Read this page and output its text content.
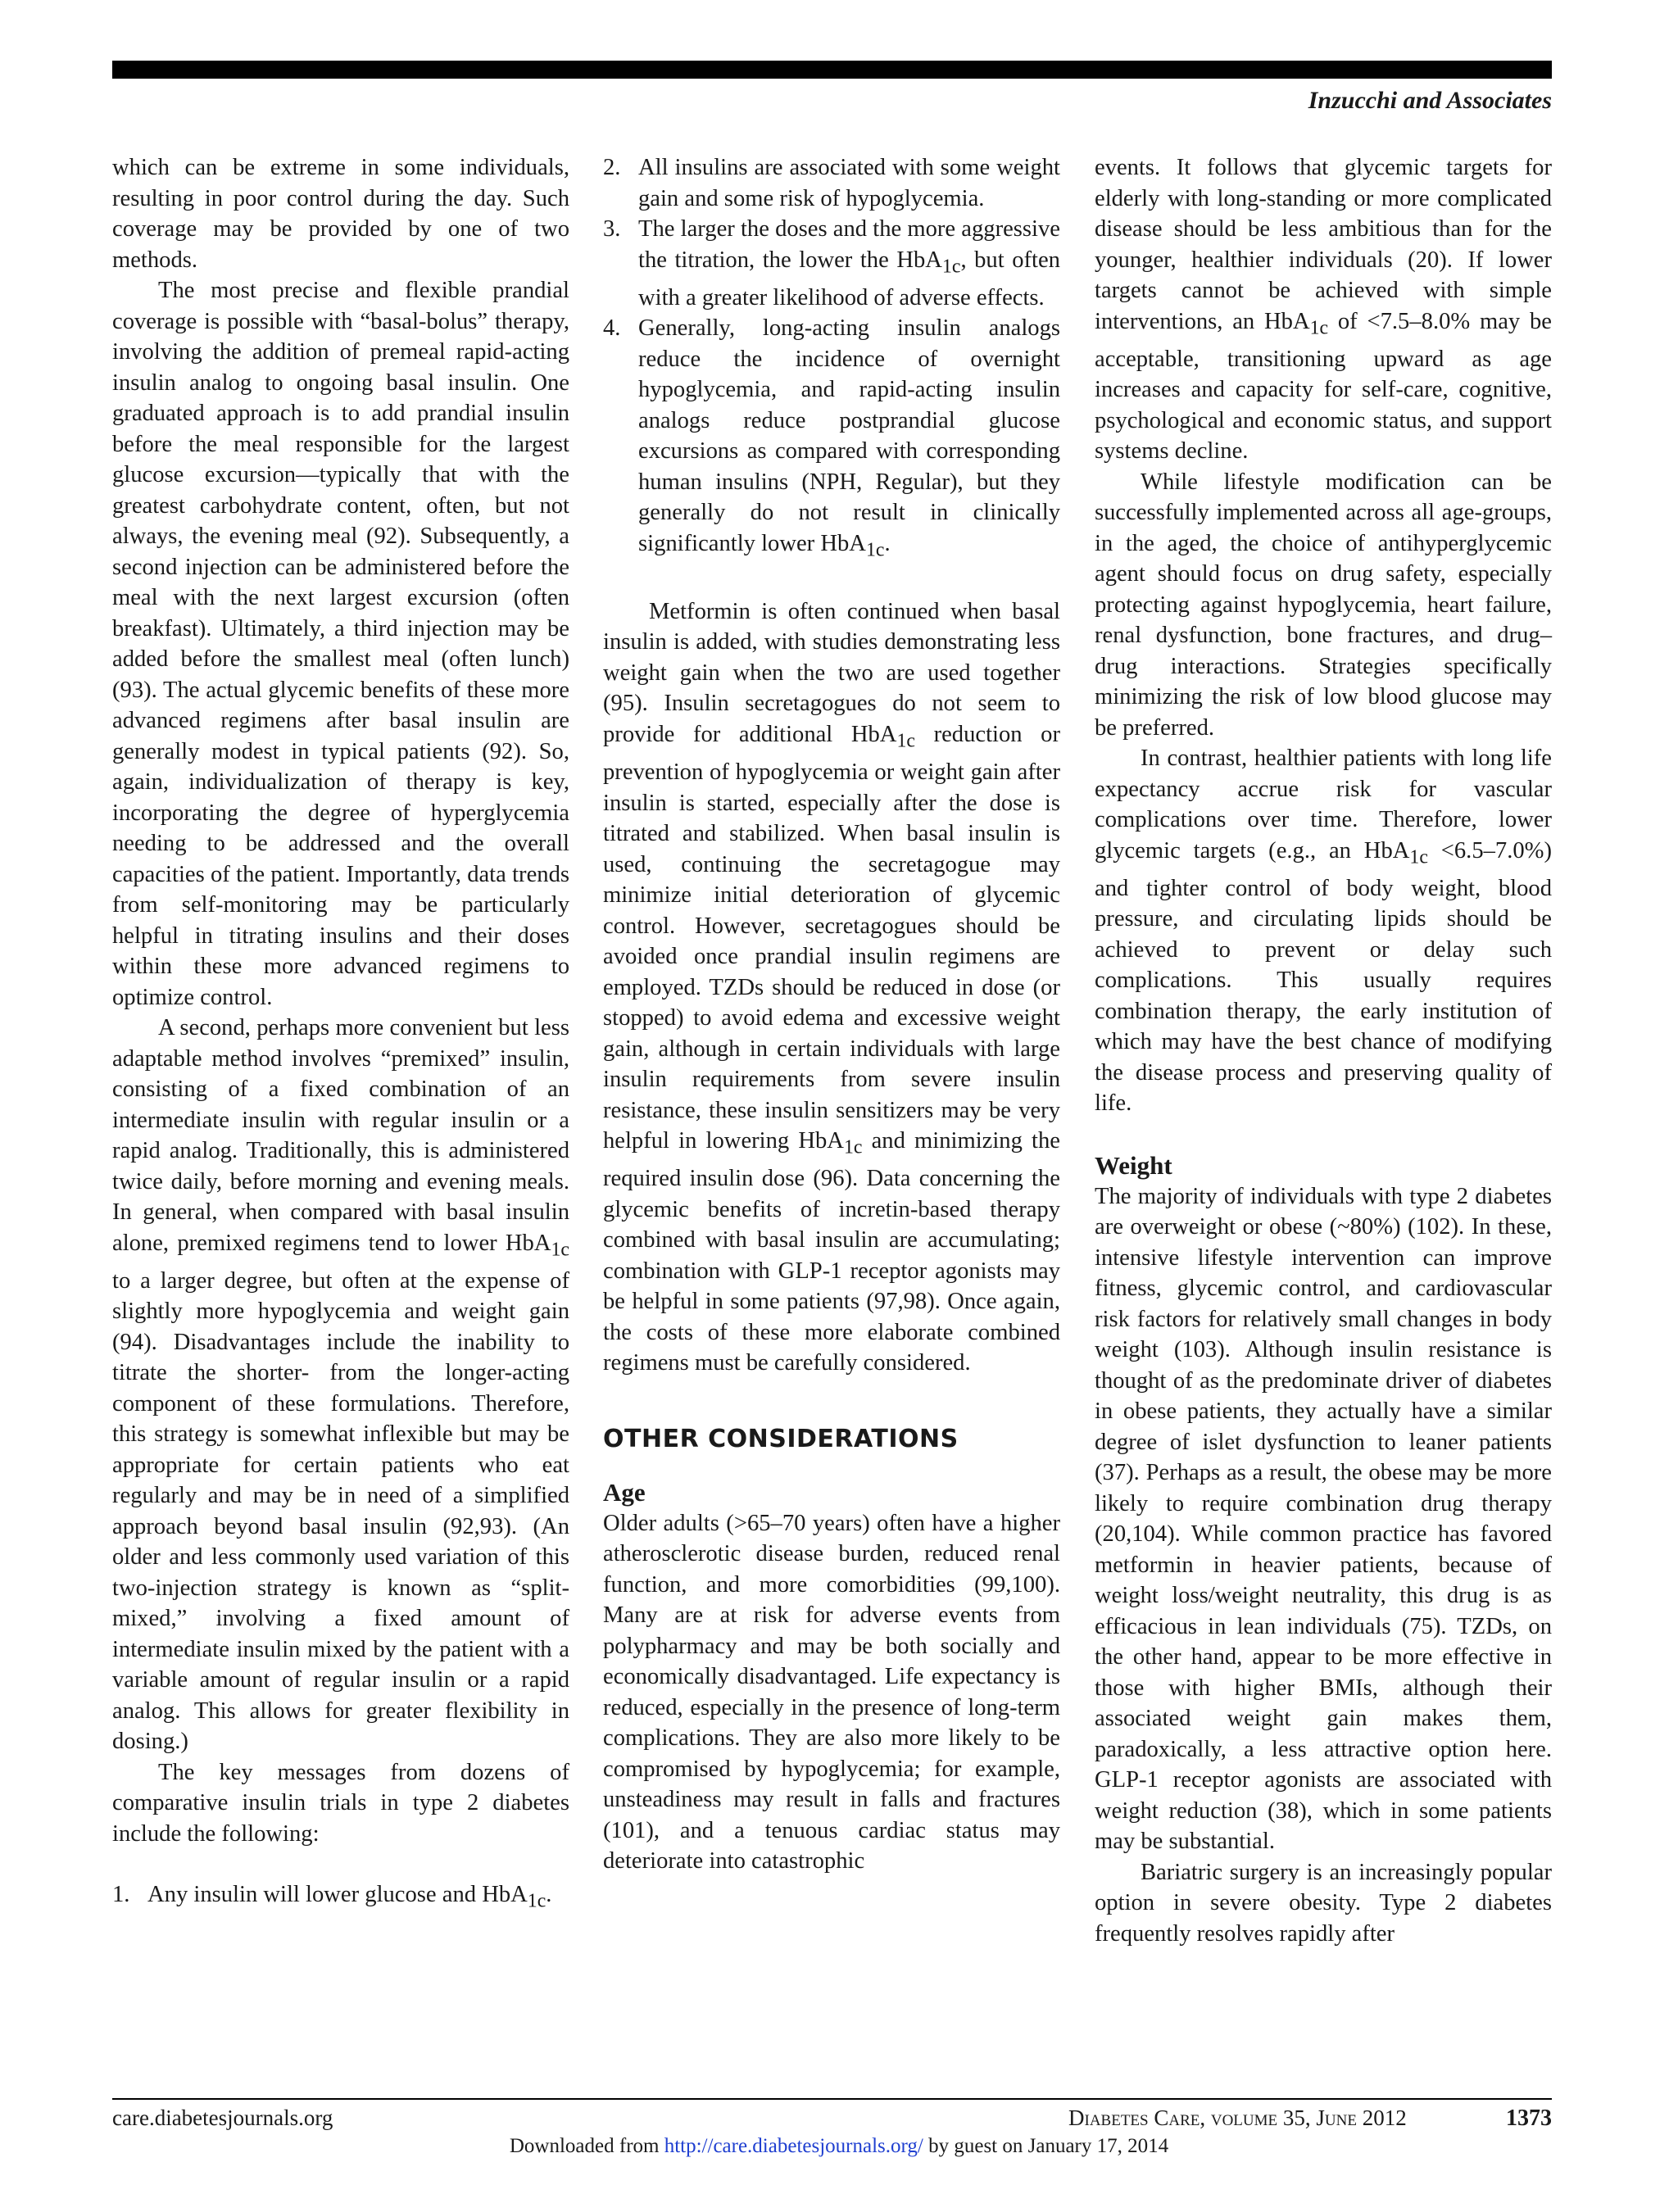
Inzucchi and Associates

which can be extreme in some individuals, resulting in poor control during the day. Such coverage may be provided by one of two methods.

The most precise and flexible prandial coverage is possible with “basal-bolus” therapy, involving the addition of premeal rapid-acting insulin analog to ongoing basal insulin. One graduated approach is to add prandial insulin before the meal responsible for the largest glucose excursion—typically that with the greatest carbohydrate content, often, but not always, the evening meal (92). Subsequently, a second injection can be administered before the meal with the next largest excursion (often breakfast). Ultimately, a third injection may be added before the smallest meal (often lunch) (93). The actual glycemic benefits of these more advanced regimens after basal insulin are generally modest in typical patients (92). So, again, individualization of therapy is key, incorporating the degree of hyperglycemia needing to be addressed and the overall capacities of the patient. Importantly, data trends from self-monitoring may be particularly helpful in titrating insulins and their doses within these more advanced regimens to optimize control.

A second, perhaps more convenient but less adaptable method involves “premixed” insulin, consisting of a fixed combination of an intermediate insulin with regular insulin or a rapid analog. Traditionally, this is administered twice daily, before morning and evening meals. In general, when compared with basal insulin alone, premixed regimens tend to lower HbA$_{1c}$ to a larger degree, but often at the expense of slightly more hypoglycemia and weight gain (94). Disadvantages include the inability to titrate the shorter- from the longer-acting component of these formulations. Therefore, this strategy is somewhat inflexible but may be appropriate for certain patients who eat regularly and may be in need of a simplified approach beyond basal insulin (92,93). (An older and less commonly used variation of this two-injection strategy is known as “split-mixed,” involving a fixed amount of intermediate insulin mixed by the patient with a variable amount of regular insulin or a rapid analog. This allows for greater flexibility in dosing.)

The key messages from dozens of comparative insulin trials in type 2 diabetes include the following:

1. Any insulin will lower glucose and HbA$_{1c}$.
2. All insulins are associated with some weight gain and some risk of hypoglycemia.
3. The larger the doses and the more aggressive the titration, the lower the HbA$_{1c}$, but often with a greater likelihood of adverse effects.
4. Generally, long-acting insulin analogs reduce the incidence of overnight hypoglycemia, and rapid-acting insulin analogs reduce postprandial glucose excursions as compared with corresponding human insulins (NPH, Regular), but they generally do not result in clinically significantly lower HbA$_{1c}$.

Metformin is often continued when basal insulin is added, with studies demonstrating less weight gain when the two are used together (95). Insulin secretagogues do not seem to provide for additional HbA$_{1c}$ reduction or prevention of hypoglycemia or weight gain after insulin is started, especially after the dose is titrated and stabilized. When basal insulin is used, continuing the secretagogue may minimize initial deterioration of glycemic control. However, secretagogues should be avoided once prandial insulin regimens are employed. TZDs should be reduced in dose (or stopped) to avoid edema and excessive weight gain, although in certain individuals with large insulin requirements from severe insulin resistance, these insulin sensitizers may be very helpful in lowering HbA$_{1c}$ and minimizing the required insulin dose (96). Data concerning the glycemic benefits of incretin-based therapy combined with basal insulin are accumulating; combination with GLP-1 receptor agonists may be helpful in some patients (97,98). Once again, the costs of these more elaborate combined regimens must be carefully considered.

OTHER CONSIDERATIONS
Age

Older adults (>65–70 years) often have a higher atherosclerotic disease burden, reduced renal function, and more comorbidities (99,100). Many are at risk for adverse events from polypharmacy and may be both socially and economically disadvantaged. Life expectancy is reduced, especially in the presence of long-term complications. They are also more likely to be compromised by hypoglycemia; for example, unsteadiness may result in falls and fractures (101), and a tenuous cardiac status may deteriorate into catastrophic

events. It follows that glycemic targets for elderly with long-standing or more complicated disease should be less ambitious than for the younger, healthier individuals (20). If lower targets cannot be achieved with simple interventions, an HbA$_{1c}$ of <7.5–8.0% may be acceptable, transitioning upward as age increases and capacity for self-care, cognitive, psychological and economic status, and support systems decline.

While lifestyle modification can be successfully implemented across all age-groups, in the aged, the choice of antihyperglycemic agent should focus on drug safety, especially protecting against hypoglycemia, heart failure, renal dysfunction, bone fractures, and drug–drug interactions. Strategies specifically minimizing the risk of low blood glucose may be preferred.

In contrast, healthier patients with long life expectancy accrue risk for vascular complications over time. Therefore, lower glycemic targets (e.g., an HbA$_{1c}$ <6.5–7.0%) and tighter control of body weight, blood pressure, and circulating lipids should be achieved to prevent or delay such complications. This usually requires combination therapy, the early institution of which may have the best chance of modifying the disease process and preserving quality of life.

Weight

The majority of individuals with type 2 diabetes are overweight or obese (~80%) (102). In these, intensive lifestyle intervention can improve fitness, glycemic control, and cardiovascular risk factors for relatively small changes in body weight (103). Although insulin resistance is thought of as the predominate driver of diabetes in obese patients, they actually have a similar degree of islet dysfunction to leaner patients (37). Perhaps as a result, the obese may be more likely to require combination drug therapy (20,104). While common practice has favored metformin in heavier patients, because of weight loss/weight neutrality, this drug is as efficacious in lean individuals (75). TZDs, on the other hand, appear to be more effective in those with higher BMIs, although their associated weight gain makes them, paradoxically, a less attractive option here. GLP-1 receptor agonists are associated with weight reduction (38), which in some patients may be substantial.

Bariatric surgery is an increasingly popular option in severe obesity. Type 2 diabetes frequently resolves rapidly after

care.diabetesjournals.org	Diabetes Care, volume 35, June 2012	1373
Downloaded from http://care.diabetesjournals.org/ by guest on January 17, 2014
